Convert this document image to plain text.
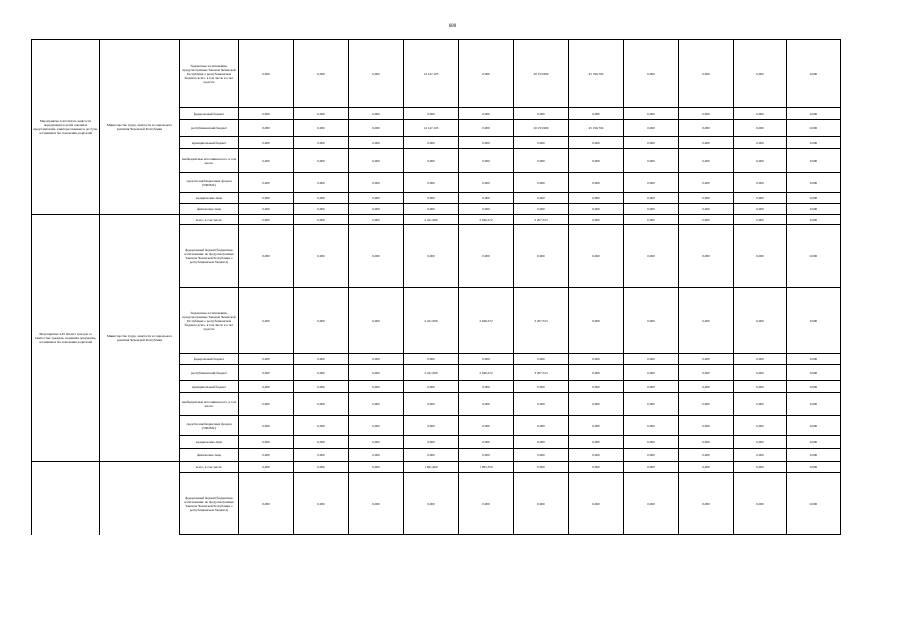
680
Мероприятие 4.44 Оплата занятости передающихся детей законных представителей, заинтересованных в доступе, оставшимся без попечения родителей	Министерство труда, занятости и социального развития Чеченской Республики	бюджетные ассигнования, предусмотренные Законом Чеченской Республики о республиканском бюджете всего, в том числе за счет средств:	0,000	0,000	0,000	14 147,103	0,000	20 253,990	45 196,704	0,000	0,000	0,000	0,000
		федеральный бюджет	0,000	0,000	0,000	0,000	0,000	0,000	0,000	0,000	0,000	0,000	0,000
		республиканский бюджет	0,000	0,000	0,000	14 147,103	0,000	20 253,990	45 196,704	0,000	0,000	0,000	0,000
		муниципальный бюджет	0,000	0,000	0,000	0,000	0,000	0,000	0,000	0,000	0,000	0,000	0,000
		внебюджетные источники всего, в том числе:	0,000	0,000	0,000	0,000	0,000	0,000	0,000	0,000	0,000	0,000	0,000
		средства внебюджетных фондов (ТФОМС)	0,000	0,000	0,000	0,000	0,000	0,000	0,000	0,000	0,000	0,000	0,000
		юридические лица	0,000	0,000	0,000	0,000	0,000	0,000	0,000	0,000	0,000	0,000	0,000
		физические лица	0,000	0,000	0,000	0,000	0,000	0,000	0,000	0,000	0,000	0,000	0,000
Мероприятие 4.45 Оплата доходов за занятостью граждан, подавших документы, оставшимся без попечения родителей	Министерство труда, занятости и социального развития Чеченской Республики	всего, в том числе:	0,000	0,000	0,000	2 421,990	2 046,272	3 207,523	0,000	0,000	0,000	0,000	0,000
		федеральный бюджет(бюджетные ассигнования, не предусмотренные Законом Чеченской Республики о республиканском бюджете)	0,000	0,000	0,000	0,000	0,000	0,000	0,000	0,000	0,000	0,000	0,000
		бюджетные ассигнования, предусмотренные Законом Чеченской Республики о республиканском бюджете всего, в том числе за счет средств:	0,000	0,000	0,000	2 421,990	2 046,272	3 207,523	0,000	0,000	0,000	0,000	0,000
		федеральный бюджет	0,000	0,000	0,000	0,000	0,000	0,000	0,000	0,000	0,000	0,000	0,000
		республиканский бюджет	0,000	0,000	0,000	2 421,990	2 046,272	3 207,523	0,000	0,000	0,000	0,000	0,000
		муниципальный бюджет	0,000	0,000	0,000	0,000	0,000	0,000	0,000	0,000	0,000	0,000	0,000
		внебюджетные источники всего, в том числе:	0,000	0,000	0,000	0,000	0,000	0,000	0,000	0,000	0,000	0,000	0,000
		средства внебюджетных фондов (ТФОМС)	0,000	0,000	0,000	0,000	0,000	0,000	0,000	0,000	0,000	0,000	0,000
		юридические лица	0,000	0,000	0,000	0,000	0,000	0,000	0,000	0,000	0,000	0,000	0,000
		физические лица	0,000	0,000	0,000	0,000	0,000	0,000	0,000	0,000	0,000	0,000	0,000
		всего, в том числе:	0,000	0,000	0,000	1 691,600	1 965,350	0,000	0,000	0,000	0,000	0,000	0,000
		федеральный бюджет(бюджетные ассигнования, не предусмотренные Законом Чеченской Республики о республиканском бюджете)	0,000	0,000	0,000	0,000	0,000	0,000	0,000	0,000	0,000	0,000	0,000
